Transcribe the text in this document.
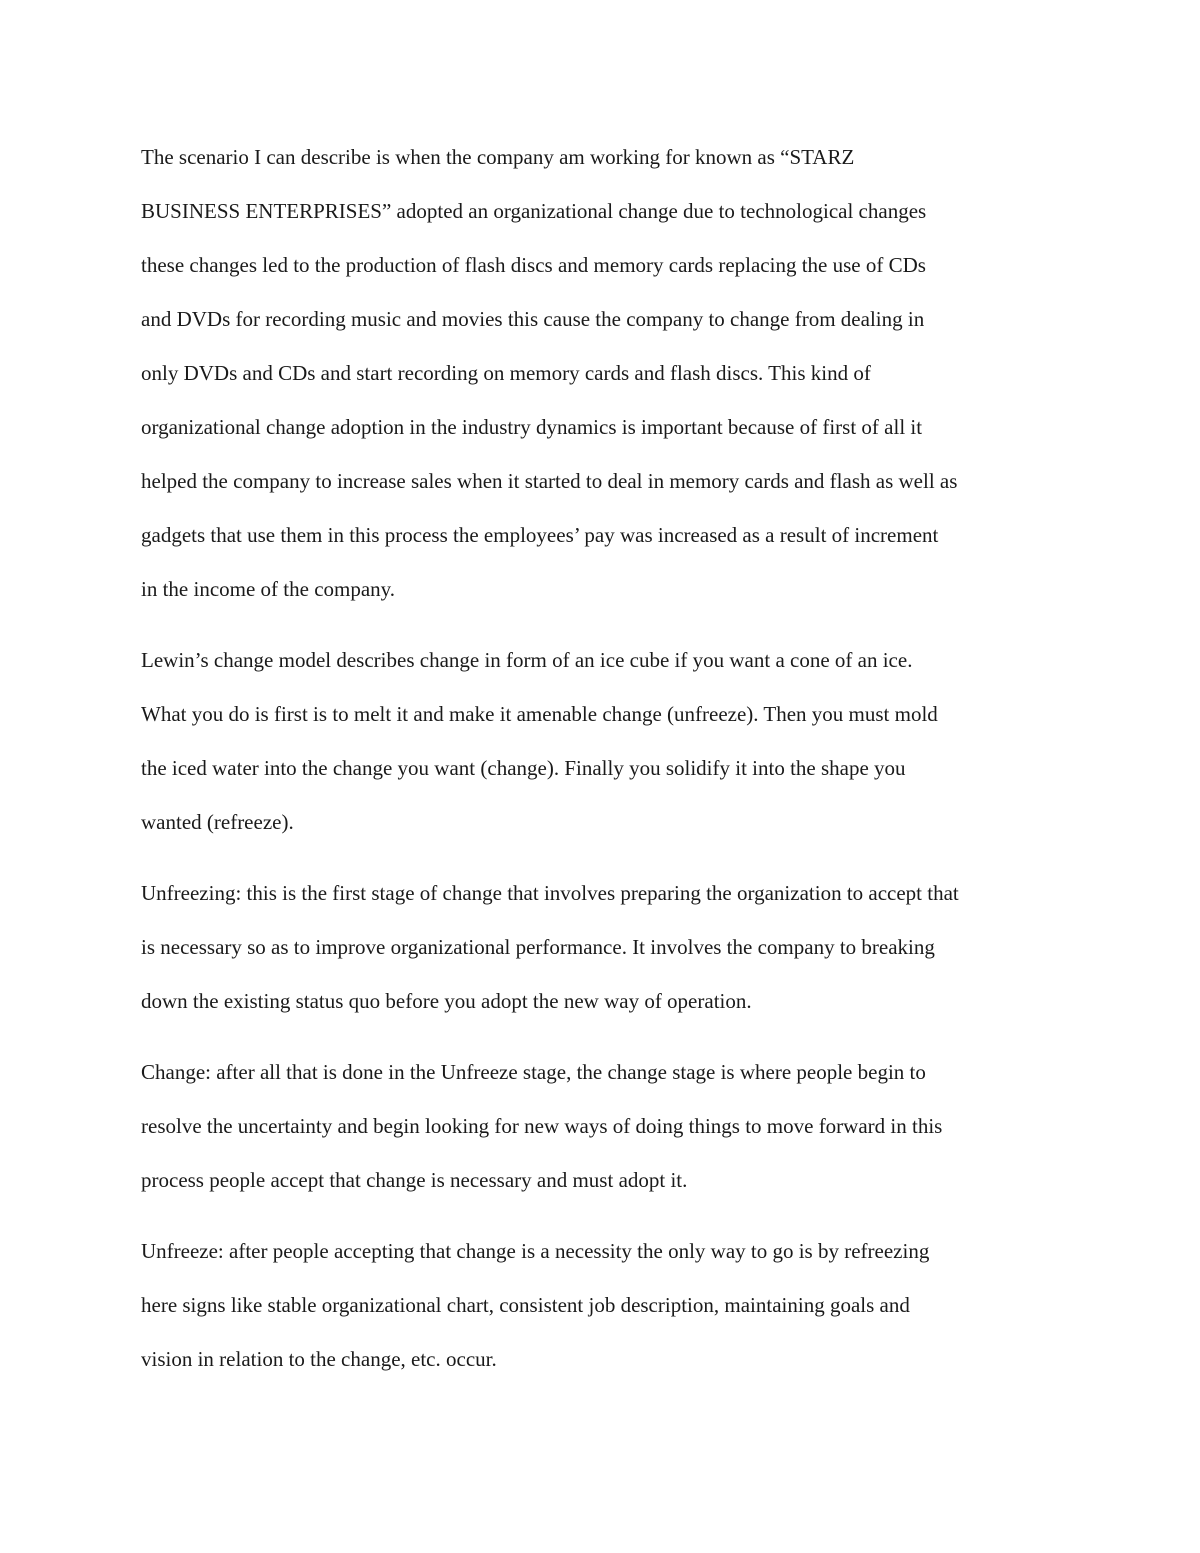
The scenario I can describe is when the company am working for known as “STARZ
BUSINESS ENTERPRISES” adopted an organizational change due to technological changes
these changes led to the production of flash discs and memory cards replacing the use of CDs
and DVDs for recording music and movies this cause the company to change from dealing in
only DVDs and CDs and start recording on memory cards and flash discs. This kind of
organizational change adoption in the industry dynamics is important because of first of all it
helped the company to increase sales when it started to deal in memory cards and flash as well as
gadgets that use them in this process the employees’ pay was increased as a result of increment
in the income of the company.

Lewin’s change model describes change in form of an ice cube if you want a cone of an ice.
What you do is first is to melt it and make it amenable change (unfreeze). Then you must mold
the iced water into the change you want (change). Finally you solidify it into the shape you
wanted (refreeze).

Unfreezing: this is the first stage of change that involves preparing the organization to accept that
is necessary so as to improve organizational performance. It involves the company to breaking
down the existing status quo before you adopt the new way of operation.

Change: after all that is done in the Unfreeze stage, the change stage is where people begin to
resolve the uncertainty and begin looking for new ways of doing things to move forward in this
process people accept that change is necessary and must adopt it.

Unfreeze: after people accepting that change is a necessity the only way to go is by refreezing
here signs like stable organizational chart, consistent job description, maintaining goals and
vision in relation to the change, etc. occur.
